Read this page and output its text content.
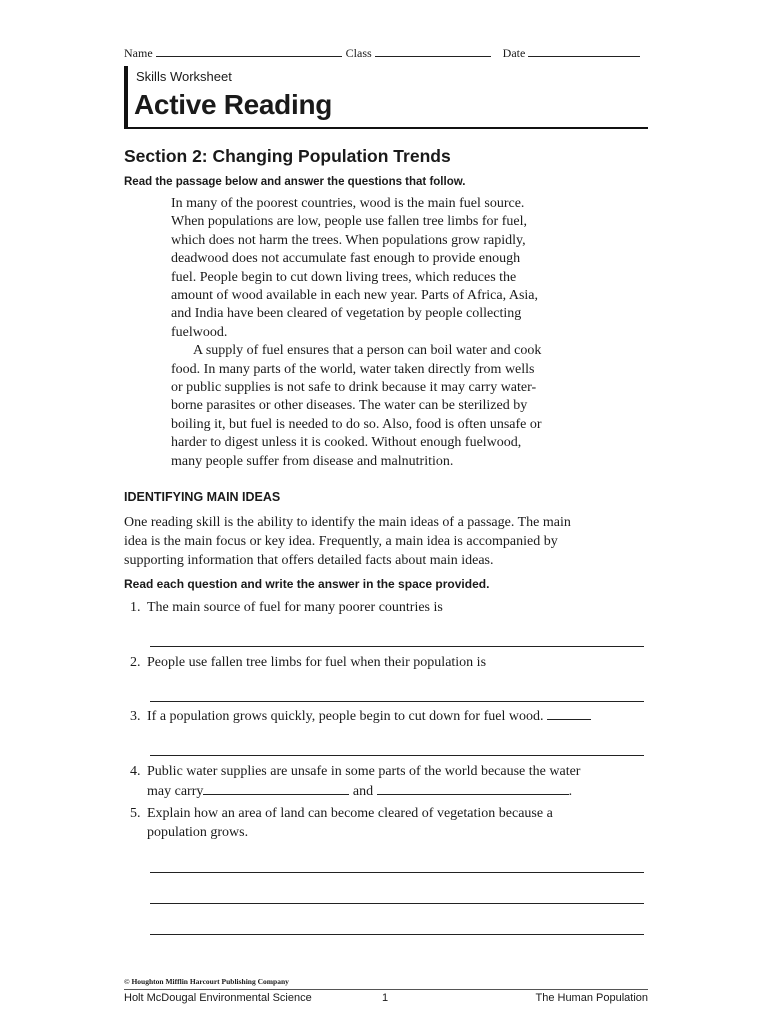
Name	Class	Date
Skills Worksheet
Active Reading
Section 2: Changing Population Trends
Read the passage below and answer the questions that follow.
In many of the poorest countries, wood is the main fuel source.
When populations are low, people use fallen tree limbs for fuel,
which does not harm the trees. When populations grow rapidly,
deadwood does not accumulate fast enough to provide enough
fuel. People begin to cut down living trees, which reduces the
amount of wood available in each new year. Parts of Africa, Asia,
and India have been cleared of vegetation by people collecting
fuelwood.
A supply of fuel ensures that a person can boil water and cook
food. In many parts of the world, water taken directly from wells
or public supplies is not safe to drink because it may carry water-
borne parasites or other diseases. The water can be sterilized by
boiling it, but fuel is needed to do so. Also, food is often unsafe or
harder to digest unless it is cooked. Without enough fuelwood,
many people suffer from disease and malnutrition.
IDENTIFYING MAIN IDEAS
One reading skill is the ability to identify the main ideas of a passage. The main
idea is the main focus or key idea. Frequently, a main idea is accompanied by
supporting information that offers detailed facts about main ideas.
Read each question and write the answer in the space provided.
1. The main source of fuel for many poorer countries is
2. People use fallen tree limbs for fuel when their population is
3. If a population grows quickly, people begin to cut down for fuel wood.
4. Public water supplies are unsafe in some parts of the world because the water
may carry	and	.
5. Explain how an area of land can become cleared of vegetation because a
population grows.
© Houghton Mifflin Harcourt Publishing Company
Holt McDougal Environmental Science	1	The Human Population
